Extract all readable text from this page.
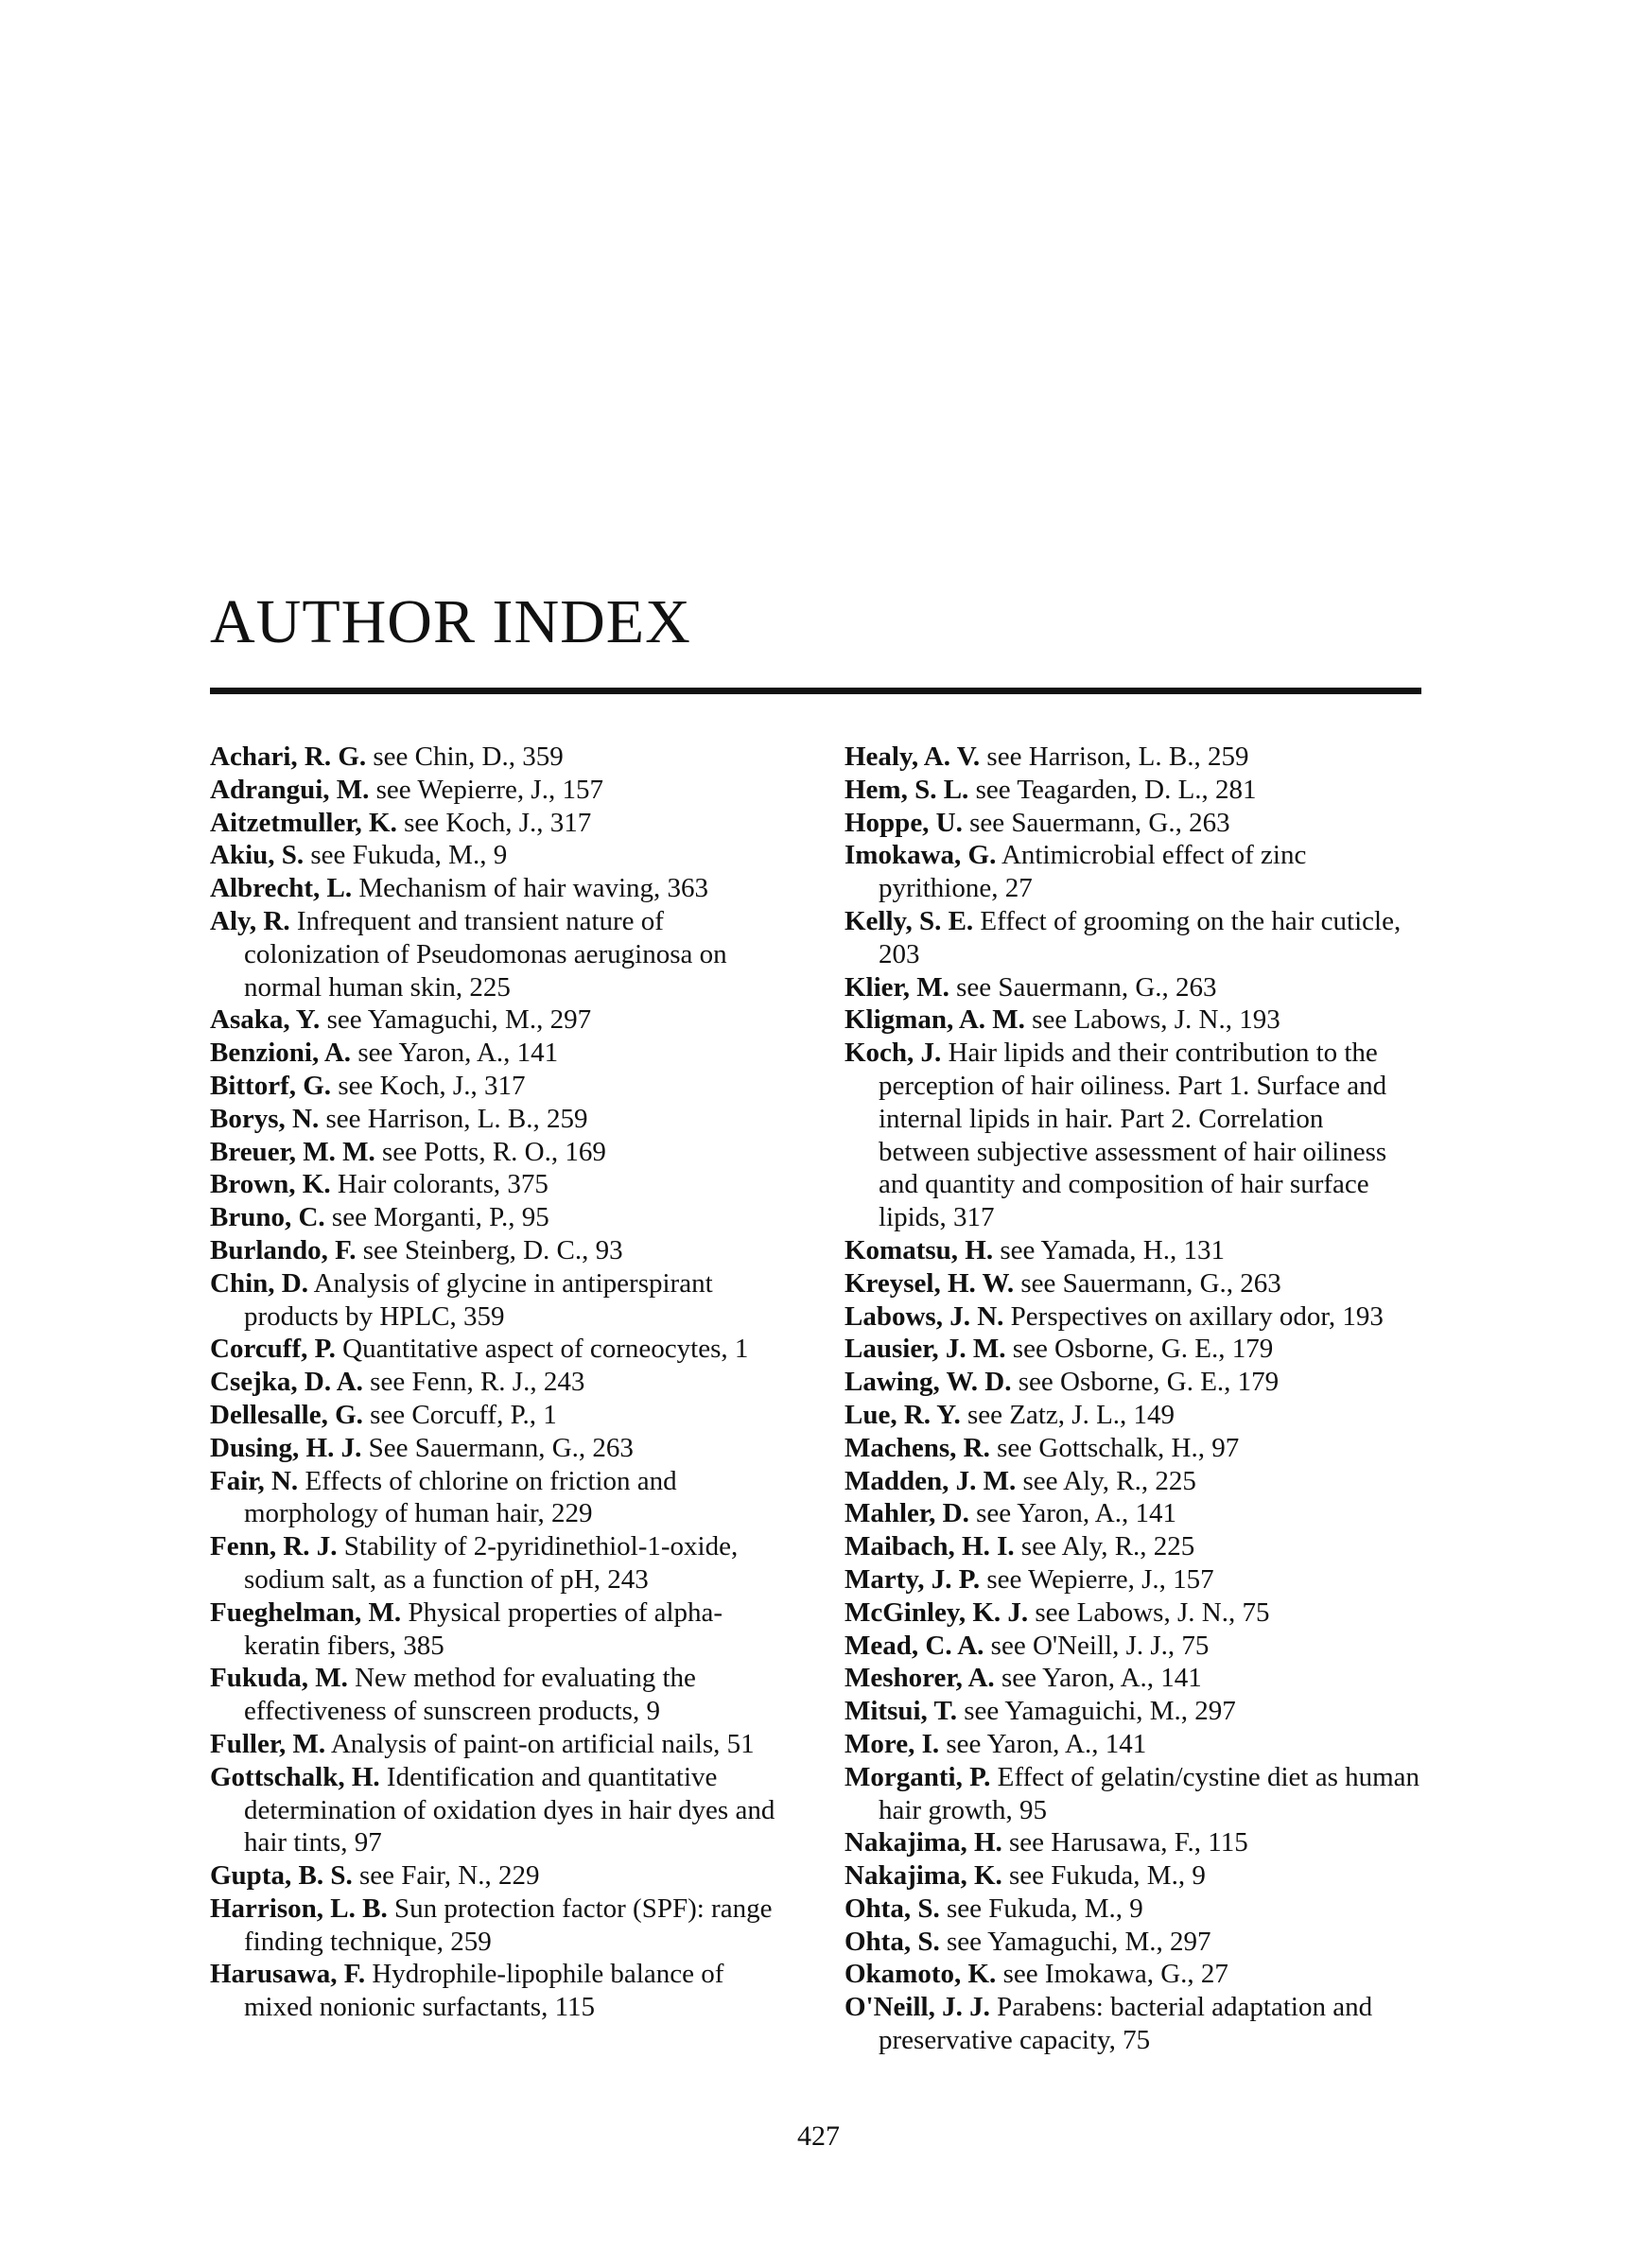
AUTHOR INDEX
Achari, R. G. see Chin, D., 359
Adrangui, M. see Wepierre, J., 157
Aitzetmuller, K. see Koch, J., 317
Akiu, S. see Fukuda, M., 9
Albrecht, L. Mechanism of hair waving, 363
Aly, R. Infrequent and transient nature of colonization of Pseudomonas aeruginosa on normal human skin, 225
Asaka, Y. see Yamaguchi, M., 297
Benzioni, A. see Yaron, A., 141
Bittorf, G. see Koch, J., 317
Borys, N. see Harrison, L. B., 259
Breuer, M. M. see Potts, R. O., 169
Brown, K. Hair colorants, 375
Bruno, C. see Morganti, P., 95
Burlando, F. see Steinberg, D. C., 93
Chin, D. Analysis of glycine in antiperspirant products by HPLC, 359
Corcuff, P. Quantitative aspect of corneocytes, 1
Csejka, D. A. see Fenn, R. J., 243
Dellesalle, G. see Corcuff, P., 1
Dusing, H. J. See Sauermann, G., 263
Fair, N. Effects of chlorine on friction and morphology of human hair, 229
Fenn, R. J. Stability of 2-pyridinethiol-1-oxide, sodium salt, as a function of pH, 243
Fueghelman, M. Physical properties of alpha-keratin fibers, 385
Fukuda, M. New method for evaluating the effectiveness of sunscreen products, 9
Fuller, M. Analysis of paint-on artificial nails, 51
Gottschalk, H. Identification and quantitative determination of oxidation dyes in hair dyes and hair tints, 97
Gupta, B. S. see Fair, N., 229
Harrison, L. B. Sun protection factor (SPF): range finding technique, 259
Harusawa, F. Hydrophile-lipophile balance of mixed nonionic surfactants, 115
Healy, A. V. see Harrison, L. B., 259
Hem, S. L. see Teagarden, D. L., 281
Hoppe, U. see Sauermann, G., 263
Imokawa, G. Antimicrobial effect of zinc pyrithione, 27
Kelly, S. E. Effect of grooming on the hair cuticle, 203
Klier, M. see Sauermann, G., 263
Kligman, A. M. see Labows, J. N., 193
Koch, J. Hair lipids and their contribution to the perception of hair oiliness. Part 1. Surface and internal lipids in hair. Part 2. Correlation between subjective assessment of hair oiliness and quantity and composition of hair surface lipids, 317
Komatsu, H. see Yamada, H., 131
Kreysel, H. W. see Sauermann, G., 263
Labows, J. N. Perspectives on axillary odor, 193
Lausier, J. M. see Osborne, G. E., 179
Lawing, W. D. see Osborne, G. E., 179
Lue, R. Y. see Zatz, J. L., 149
Machens, R. see Gottschalk, H., 97
Madden, J. M. see Aly, R., 225
Mahler, D. see Yaron, A., 141
Maibach, H. I. see Aly, R., 225
Marty, J. P. see Wepierre, J., 157
McGinley, K. J. see Labows, J. N., 75
Mead, C. A. see O'Neill, J. J., 75
Meshorer, A. see Yaron, A., 141
Mitsui, T. see Yamaguichi, M., 297
More, I. see Yaron, A., 141
Morganti, P. Effect of gelatin/cystine diet as human hair growth, 95
Nakajima, H. see Harusawa, F., 115
Nakajima, K. see Fukuda, M., 9
Ohta, S. see Fukuda, M., 9
Ohta, S. see Yamaguchi, M., 297
Okamoto, K. see Imokawa, G., 27
O'Neill, J. J. Parabens: bacterial adaptation and preservative capacity, 75
427
